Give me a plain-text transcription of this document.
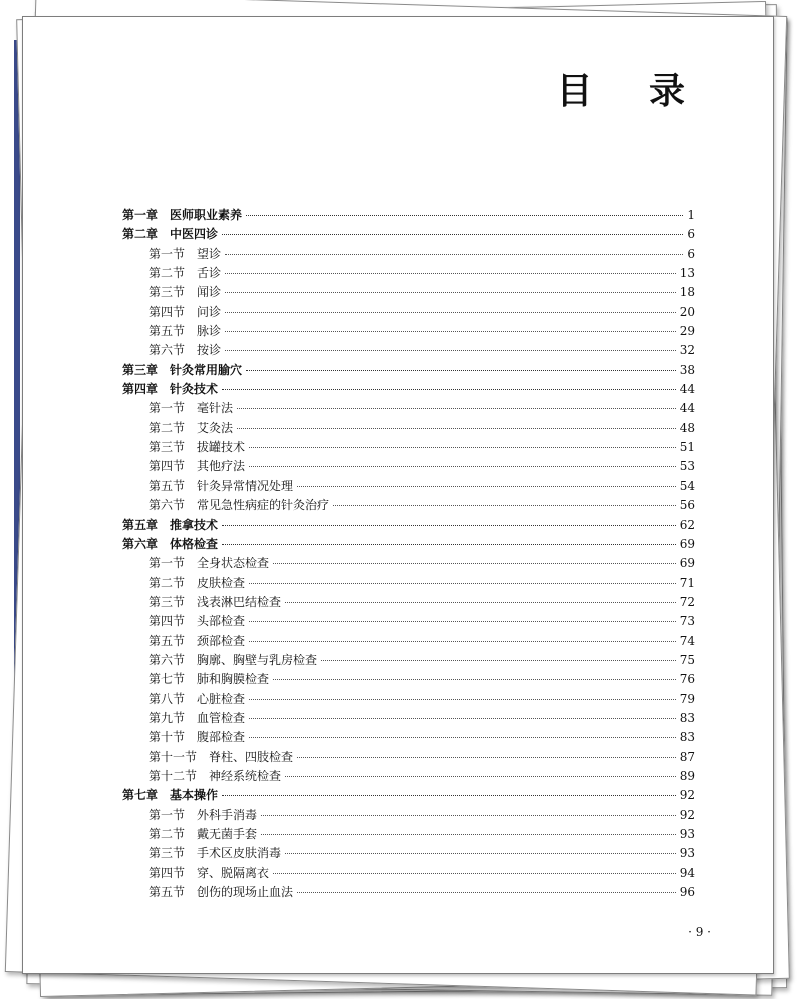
目 录
第一章	医师职业素养	1
第二章	中医四诊	6
第一节	望诊	6
第二节	舌诊	13
第三节	闻诊	18
第四节	问诊	20
第五节	脉诊	29
第六节	按诊	32
第三章	针灸常用腧穴	38
第四章	针灸技术	44
第一节	毫针法	44
第二节	艾灸法	48
第三节	拔罐技术	51
第四节	其他疗法	53
第五节	针灸异常情况处理	54
第六节	常见急性病症的针灸治疗	56
第五章	推拿技术	62
第六章	体格检查	69
第一节	全身状态检查	69
第二节	皮肤检查	71
第三节	浅表淋巴结检查	72
第四节	头部检查	73
第五节	颈部检查	74
第六节	胸廓、胸壁与乳房检查	75
第七节	肺和胸膜检查	76
第八节	心脏检查	79
第九节	血管检查	83
第十节	腹部检查	83
第十一节	脊柱、四肢检查	87
第十二节	神经系统检查	89
第七章	基本操作	92
第一节	外科手消毒	92
第二节	戴无菌手套	93
第三节	手术区皮肤消毒	93
第四节	穿、脱隔离衣	94
第五节	创伤的现场止血法	96
· 9 ·
